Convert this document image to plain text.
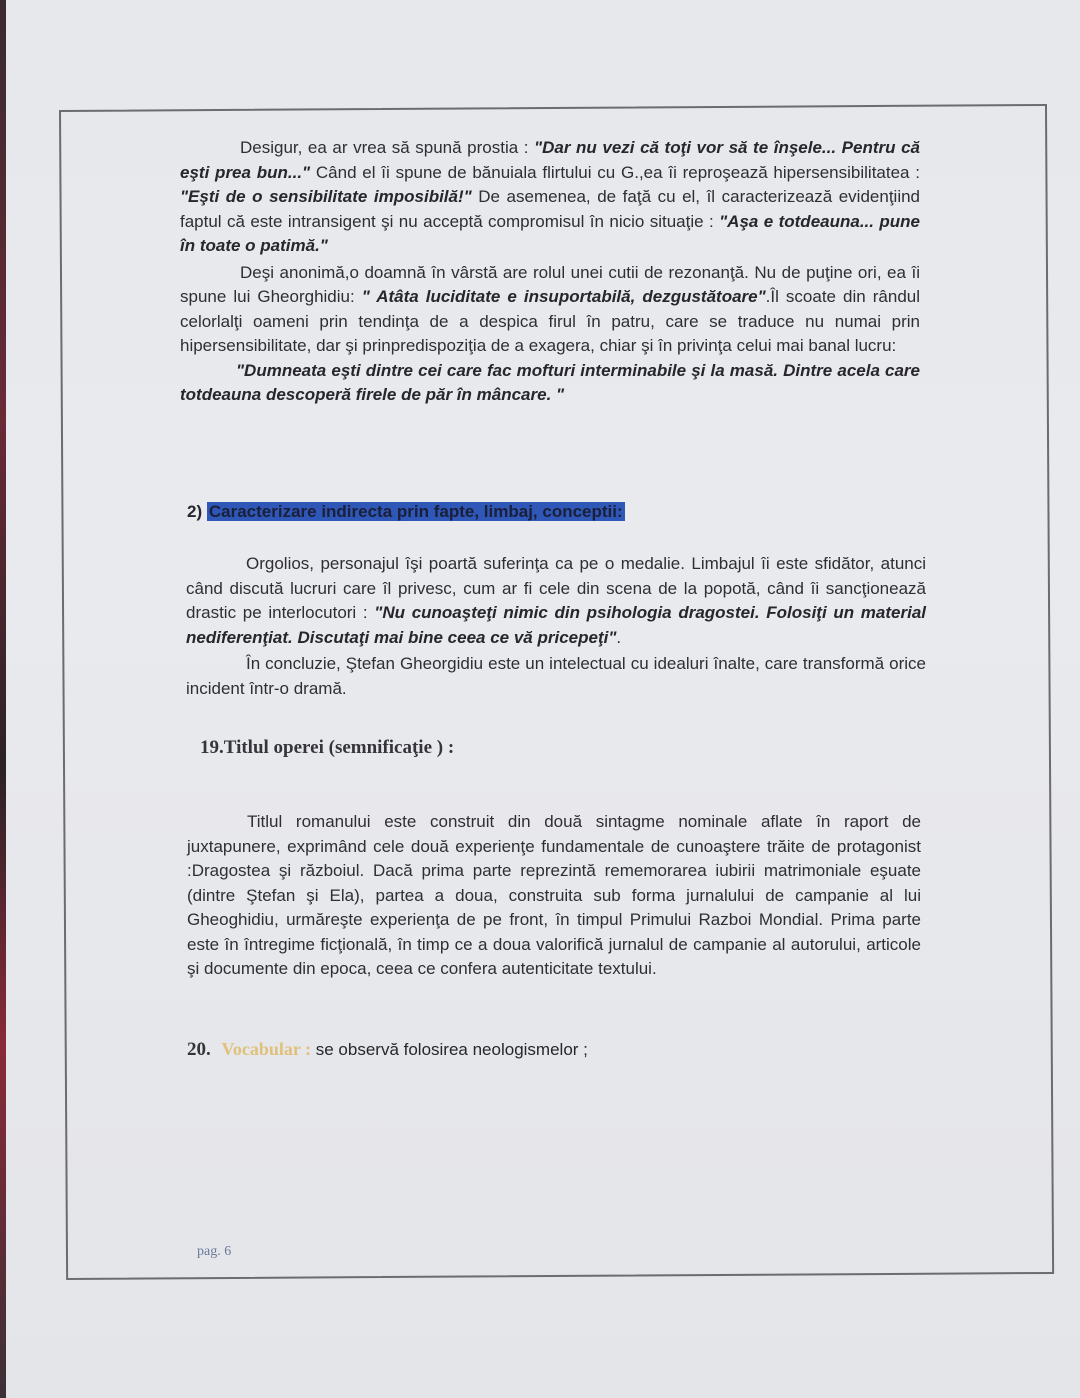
Desigur, ea ar vrea să spună prostia : "Dar nu vezi că toţi vor să te înşele... Pentru că eşti prea bun..." Când el îi spune de bănuiala flirtului cu G.,ea îi reproşează hipersensibilitatea : "Eşti de o sensibilitate imposibilă!" De asemenea, de faţă cu el, îl caracterizează evidenţiind faptul că este intransigent şi nu acceptă compromisul în nicio situaţie : "Aşa e totdeauna... pune în toate o patimă."

Deşi anonimă,o doamnă în vârstă are rolul unei cutii de rezonanţă. Nu de puţine ori, ea îi spune lui Gheorghidiu: " Atâta luciditate e insuportabilă, dezgustătoare".Îl scoate din rândul celorlalţi oameni prin tendinţa de a despica firul în patru, care se traduce nu numai prin hipersensibilitate, dar şi prinpredispoziţia de a exagera, chiar şi în privinţa celui mai banal lucru:

"Dumneata eşti dintre cei care fac mofturi interminabile şi la masă. Dintre acela care totdeauna descoperă firele de păr în mâncare. "

2) Caracterizare indirecta prin fapte, limbaj, conceptii:

Orgolios, personajul îşi poartă suferinţa ca pe o medalie. Limbajul îi este sfidător, atunci când discută lucruri care îl privesc, cum ar fi cele din scena de la popotă, când îi sancţionează drastic pe interlocutori : "Nu cunoaşteţi nimic din psihologia dragostei. Folosiţi un material nediferenţiat. Discutaţi mai bine ceea ce vă pricepeţi".

În concluzie, Ştefan Gheorgidiu este un intelectual cu idealuri înalte, care transformă orice incident într-o dramă.

19.Titlul operei (semnificaţie ) :

Titlul romanului este construit din două sintagme nominale aflate în raport de juxtapunere, exprimând cele două experienţe fundamentale de cunoaştere trăite de protagonist :Dragostea şi războiul. Dacă prima parte reprezintă rememorarea iubirii matrimoniale eşuate (dintre Ştefan şi Ela), partea a doua, construita sub forma jurnalului de campanie al lui Gheoghidiu, urmăreşte experienţa de pe front, în timpul Primului Razboi Mondial. Prima parte este în întregime ficţională, în timp ce a doua valorifică jurnalul de campanie al autorului, articole şi documente din epoca, ceea ce confera autenticitate textului.

20. Vocabular : se observă folosirea neologismelor ;

pag. 6
